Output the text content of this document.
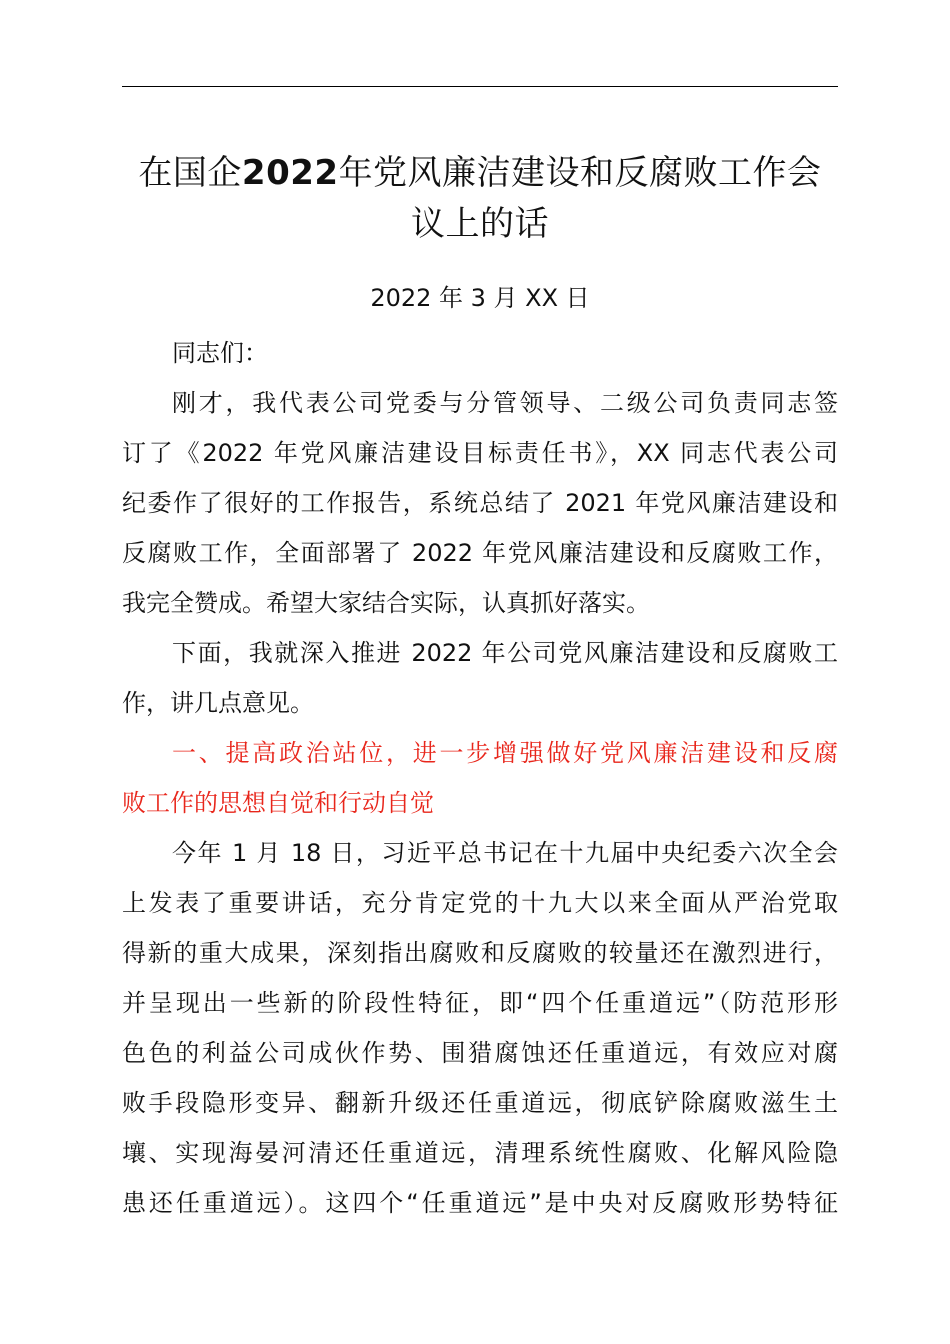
在国企2022年党风廉洁建设和反腐败工作会
议上的话
2022 年 3 月 XX 日
同志们：
刚才，我代表公司党委与分管领导、二级公司负责同志签
订了《2022 年党风廉洁建设目标责任书》，XX 同志代表公司
纪委作了很好的工作报告，系统总结了 2021 年党风廉洁建设和
反腐败工作，全面部署了 2022 年党风廉洁建设和反腐败工作，
我完全赞成。希望大家结合实际，认真抓好落实。
下面，我就深入推进 2022 年公司党风廉洁建设和反腐败工
作，讲几点意见。
一、提高政治站位，进一步增强做好党风廉洁建设和反腐
败工作的思想自觉和行动自觉
今年 1 月 18 日，习近平总书记在十九届中央纪委六次全会
上发表了重要讲话，充分肯定党的十九大以来全面从严治党取
得新的重大成果，深刻指出腐败和反腐败的较量还在激烈进行，
并呈现出一些新的阶段性特征，即“四个任重道远”（防范形形
色色的利益公司成伙作势、围猎腐蚀还任重道远，有效应对腐
败手段隐形变异、翻新升级还任重道远，彻底铲除腐败滋生土
壤、实现海晏河清还任重道远，清理系统性腐败、化解风险隐
患还任重道远）。这四个“任重道远”是中央对反腐败形势特征
